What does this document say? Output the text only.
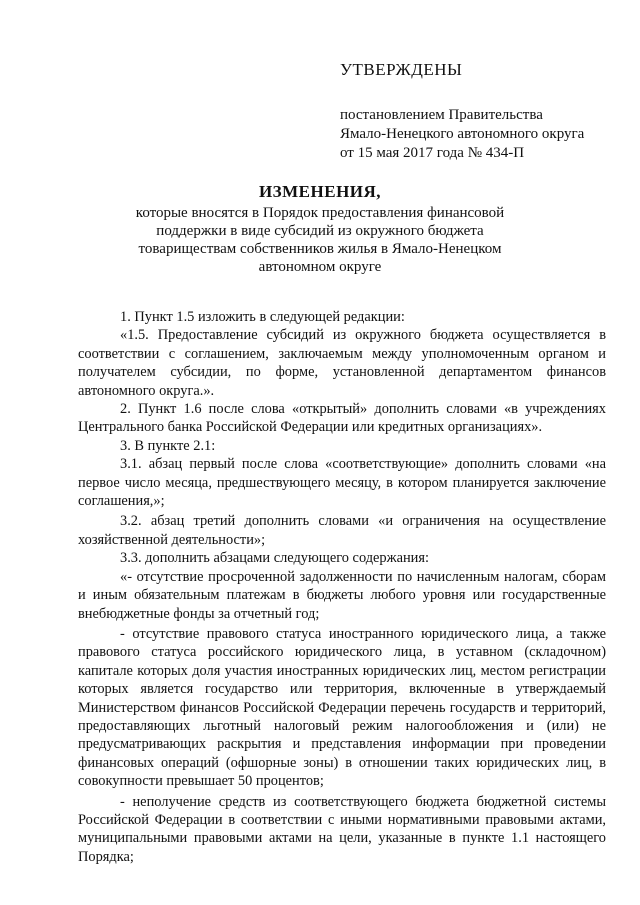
УТВЕРЖДЕНЫ

постановлением Правительства

Ямало-Ненецкого автономного округа

от 15 мая 2017 года № 434-П

ИЗМЕНЕНИЯ,

которые вносятся в Порядок предоставления финансовой

поддержки в виде субсидий из окружного бюджета

товариществам собственников жилья в Ямало-Ненецком

автономном округе

1. Пункт 1.5 изложить в следующей редакции:

«1.5. Предоставление субсидий из окружного бюджета осуществляется в соответствии с соглашением, заключаемым между уполномоченным органом и получателем субсидии, по форме, установленной департаментом финансов автономного округа.».

2. Пункт 1.6 после слова «открытый» дополнить словами «в учреждениях Центрального банка Российской Федерации или кредитных организациях».

3. В пункте 2.1:

3.1. абзац первый после слова «соответствующие» дополнить словами «на первое число месяца, предшествующего месяцу, в котором планируется заключение соглашения,»;

3.2. абзац третий дополнить словами «и ограничения на осуществление хозяйственной деятельности»;

3.3. дополнить абзацами следующего содержания:

«- отсутствие просроченной задолженности по начисленным налогам, сборам и иным обязательным платежам в бюджеты любого уровня или государственные внебюджетные фонды за отчетный год;

- отсутствие правового статуса иностранного юридического лица, а также правового статуса российского юридического лица, в уставном (складочном) капитале которых доля участия иностранных юридических лиц, местом регистрации которых является государство или территория, включенные в утверждаемый Министерством финансов Российской Федерации перечень государств и территорий, предоставляющих льготный налоговый режим налогообложения и (или) не предусматривающих раскрытия и представления информации при проведении финансовых операций (офшорные зоны) в отношении таких юридических лиц, в совокупности превышает 50 процентов;

- неполучение средств из соответствующего бюджета бюджетной системы Российской Федерации в соответствии с иными нормативными правовыми актами, муниципальными правовыми актами на цели, указанные в пункте 1.1 настоящего Порядка;
